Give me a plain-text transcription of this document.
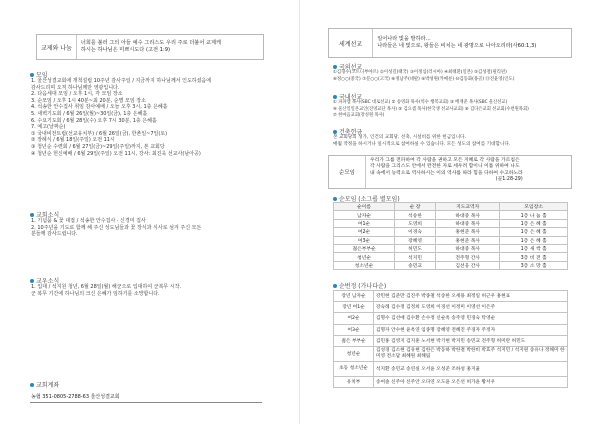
교제와 나눔
너희를 불러 그의 아들 예수 그리스도 우리 주로 더불어 교제케
하시는 하나님은 미쁘시도다 (고전 1:9)
모임
1. 울산성결교회에 개척설립 10주년 감사주일 / 지금까지 하나님께서 인도하셨음에
감사드리며 오직 하나님께만 영광입니다.
2. 다음세대 모임 / 오후 1시, 각 모임 장소
3. 순모임 / 오후 1시 40분~최 20분, 순별 모임 장소
4. 석송한 안수집사 취임 감사예배 / 오늘 오후 3시, 1층 은혜홀
5. 새벽기도회 / 6월 26일(월)~30일(금), 1층 은혜홀
6. 수요기도회 / 6월 28일(수) 오후 7시 30분, 1층 은혜홀
7. 예고(날짜순)
① 국내비전트립(선교유치부) / 6월 26일(금), 한촌일~7일(토)
② 장례식 / 6월 18일(주일) 오전 11시
③ 청년순 수련회 / 6월 27일(금)~29일(주일)까지, 본 교회당
④ 청년순 헌신예배 / 6월 29일(주일) 오전 11시, 강사: 최진욱 선교사(남아공)
교회소식
1. 기념품 & 꽃 대접 / 석송한 안수집사 · 신경미 집사
2. 10주년을 기도로 함께 해 주신 성도님들과 꽃 장식과 식사로 섬겨 주신 모든
분들께 감사드립니다.
교우소식
1. 입대 / 석지원 청년, 6월 28일(월) 해군으로 입대하여 군복무 시작.
군 복무 기간에 하나님의 크신 은혜가 임하기를 소망합니다.
교회계좌
농협 351-0805-2788-63 울산성결교회
세계선교
일어나라 빛을 발하라…
나라들은 네 빛으로, 왕들은 비치는 네 광명으로 나아오리라(사60:1,3)
국외선교
①김형수(코트디부아르) ②이성길(태국) ③이정심(러시아) ④최태환(일본) ⑤김성철(필리핀)
⑥정○○(중국) ⑦문○○(고국) ⑧정남주(네팔) ⑨박성원(카메룬) ⑩김동화(몽골) ⑪진윤영(인도)
국내선교
① 파파엠 목사(SBC 대로선교) ② 송영화 목사(역수 행복교회) ③ 배재준 목사(SBC 울산선교)
④ 울산일일본교인(진영교단 목사) ⑤ 김요셉 목사(한국생 선교사교회) ⑥ 김다은교회 선교회(수련원목회)
⑦ 한마음교회(강성원 목사)
건축헌금
본 교회당의 성가, 인건의 교회당, 선축, 시설비를 위한 헌금입니다.
매월 작정을 하시거나 일시적으로 참여하실 수 있습니다. 모든 성도의 참여를 기대합니다.
순모임
우리가 그를 전파하여 각 사람을 권하고 모든 지혜로 각 사람을 가르침은
각 사람을 그리스도 안에서 완전한 자로 세우려 함이니 이를 위하여 나도
내 속에서 능력으로 역사하시는 이의 역사를 따라 힘을 다하여 수고하노라
(골1:28-29)
순모임 (소그룹 별모임)
순이름	순 장	지도교역자	모임장소
남자순	석송한	하대중 목사	1층 나 눔 홀
여1순	도영희	하대중 목사	1층 은 혜 홀
여2순	이경숙	홍현준 목사	1층 은 혜 홀
여3순	장혜영	홍현준 목사	1층 은 혜 홀
젊은부부순	허민도	하대중 목사	1층 새 싹 홀
청년순	석지민	전주형 간사	3층 비 전 홀
청소년순	송민교	김선웅 간사	3층 소 망 홀
순번정 (가나다순)
장년 남자순	강민현 김준만 김진주 박종철 석송한 오세용 최정일 허근우 홍현표
장년 여1순	강숙례 김수정 김정희 도영희 이경선 이정미 이영선 이은주
여2순	김명수 김선애 김수환 손수정 신순옥 송주영 민경숙 탁영순
여3순	김명자 안수현 윤옥연 임종명 장혜영 전혜진 주경자 주정자
젊은 부부순	김민홍 김영지 김지훈 노서현 박기현 박지민 송민교 전주형 허미란 허민도
청년순	김성경 김소현 김유현 김한은 박동하 박한결 박한비 박효주 석지민 / 석지원 송유나 정해미 한미영 전소담 최혜원 최해림
초등 청소년순	석지환 송민교 송연실 오서윤 오성준 조하성 홍지율
유치부	송여솔 신주아 신주안 오다연 오도윤 오은선 허가윤 황서우
